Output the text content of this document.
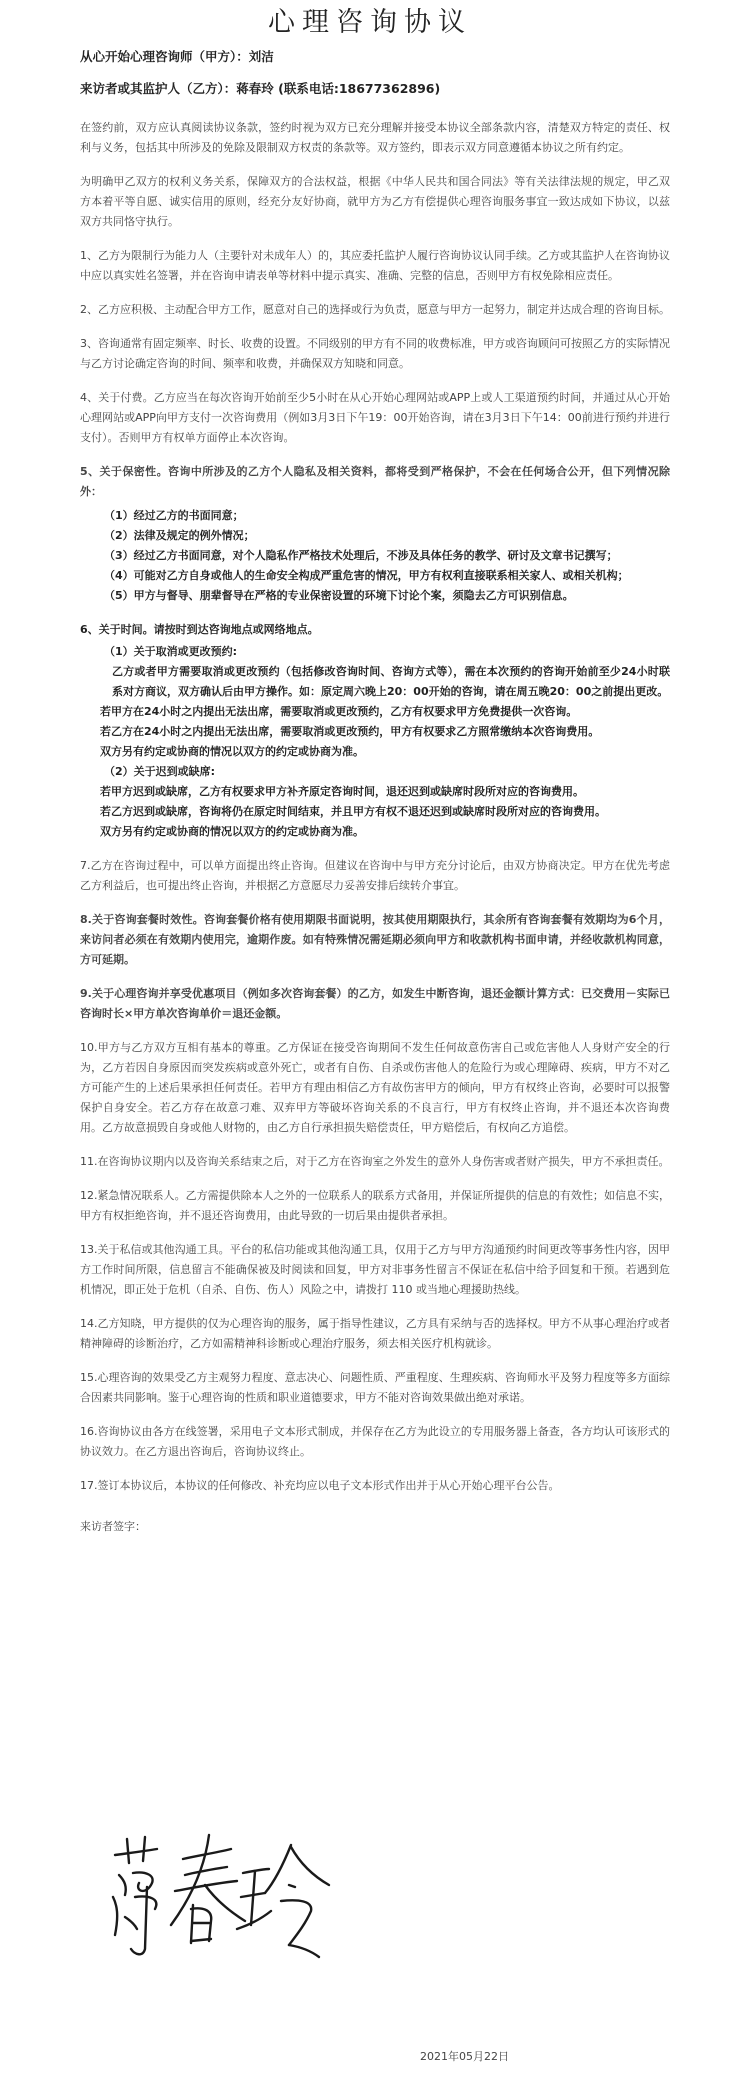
心理咨询协议
从心开始心理咨询师（甲方）：刘洁
来访者或其监护人（乙方）：蒋春玲 (联系电话:18677362896)

在签约前，双方应认真阅读协议条款，签约时视为双方已充分理解并接受本协议全部条款内容，清楚双方特定的责任、权利与义务，包括其中所涉及的免除及限制双方权责的条款等。双方签约，即表示双方同意遵循本协议之所有约定。

为明确甲乙双方的权利义务关系，保障双方的合法权益，根据《中华人民共和国合同法》等有关法律法规的规定，甲乙双方本着平等自愿、诚实信用的原则，经充分友好协商，就甲方为乙方有偿提供心理咨询服务事宜一致达成如下协议，以兹双方共同恪守执行。

1、乙方为限制行为能力人（主要针对未成年人）的，其应委托监护人履行咨询协议认同手续。乙方或其监护人在咨询协议中应以真实姓名签署，并在咨询申请表单等材料中提示真实、准确、完整的信息，否则甲方有权免除相应责任。

2、乙方应积极、主动配合甲方工作，愿意对自己的选择或行为负责，愿意与甲方一起努力，制定并达成合理的咨询目标。

3、咨询通常有固定频率、时长、收费的设置。不同级别的甲方有不同的收费标准，甲方或咨询顾问可按照乙方的实际情况与乙方讨论确定咨询的时间、频率和收费，并确保双方知晓和同意。

4、关于付费。乙方应当在每次咨询开始前至少5小时在从心开始心理网站或APP上或人工渠道预约时间，并通过从心开始心理网站或APP向甲方支付一次咨询费用（例如3月3日下午19：00开始咨询，请在3月3日下午14：00前进行预约并进行支付）。否则甲方有权单方面停止本次咨询。

5、关于保密性。咨询中所涉及的乙方个人隐私及相关资料，都将受到严格保护，不会在任何场合公开，但下列情况除外：

（1）经过乙方的书面同意；
（2）法律及规定的例外情况；
（3）经过乙方书面同意，对个人隐私作严格技术处理后，不涉及具体任务的教学、研讨及文章书记撰写；
（4）可能对乙方自身或他人的生命安全构成严重危害的情况，甲方有权利直接联系相关家人、或相关机构；
（5）甲方与督导、朋辈督导在严格的专业保密设置的环境下讨论个案，须隐去乙方可识别信息。
6、关于时间。请按时到达咨询地点或网络地点。
（1）关于取消或更改预约:
乙方或者甲方需要取消或更改预约（包括修改咨询时间、咨询方式等），需在本次预约的咨询开始前至少24小时联系对方商议，双方确认后由甲方操作。如：原定周六晚上20：00开始的咨询，请在周五晚20：00之前提出更改。
若甲方在24小时之内提出无法出席，需要取消或更改预约，乙方有权要求甲方免费提供一次咨询。
若乙方在24小时之内提出无法出席，需要取消或更改预约，甲方有权要求乙方照常缴纳本次咨询费用。
双方另有约定或协商的情况以双方的约定或协商为准。
（2）关于迟到或缺席:
若甲方迟到或缺席，乙方有权要求甲方补齐原定咨询时间，退还迟到或缺席时段所对应的咨询费用。
若乙方迟到或缺席，咨询将仍在原定时间结束，并且甲方有权不退还迟到或缺席时段所对应的咨询费用。
双方另有约定或协商的情况以双方的约定或协商为准。

7.乙方在咨询过程中，可以单方面提出终止咨询。但建议在咨询中与甲方充分讨论后，由双方协商决定。甲方在优先考虑乙方利益后，也可提出终止咨询，并根据乙方意愿尽力妥善安排后续转介事宜。

8.关于咨询套餐时效性。咨询套餐价格有使用期限书面说明，按其使用期限执行，其余所有咨询套餐有效期均为6个月，来访问者必须在有效期内使用完，逾期作废。如有特殊情况需延期必须向甲方和收款机构书面申请，并经收款机构同意，方可延期。

9.关于心理咨询并享受优惠项目（例如多次咨询套餐）的乙方，如发生中断咨询，退还金额计算方式：已交费用－实际已咨询时长×甲方单次咨询单价＝退还金额。

10.甲方与乙方双方互相有基本的尊重。乙方保证在接受咨询期间不发生任何故意伤害自己或危害他人人身财产安全的行为，乙方若因自身原因而突发疾病或意外死亡，或者有自伤、自杀或伤害他人的危险行为或心理障碍、疾病，甲方不对乙方可能产生的上述后果承担任何责任。若甲方有理由相信乙方有故伤害甲方的倾向，甲方有权终止咨询，必要时可以报警保护自身安全。若乙方存在故意刁难、双弃甲方等破坏咨询关系的不良言行，甲方有权终止咨询，并不退还本次咨询费用。乙方故意损毁自身或他人财物的，由乙方自行承担损失赔偿责任，甲方赔偿后，有权向乙方追偿。

11.在咨询协议期内以及咨询关系结束之后，对于乙方在咨询室之外发生的意外人身伤害或者财产损失，甲方不承担责任。

12.紧急情况联系人。乙方需提供除本人之外的一位联系人的联系方式备用，并保证所提供的信息的有效性；如信息不实，甲方有权拒绝咨询，并不退还咨询费用，由此导致的一切后果由提供者承担。

13.关于私信或其他沟通工具。平台的私信功能或其他沟通工具，仅用于乙方与甲方沟通预约时间更改等事务性内容，因甲方工作时间所限，信息留言不能确保被及时阅读和回复，甲方对非事务性留言不保证在私信中给予回复和干预。若遇到危机情况，即正处于危机（自杀、自伤、伤人）风险之中，请拨打 110 或当地心理援助热线。

14.乙方知晓，甲方提供的仅为心理咨询的服务，属于指导性建议，乙方具有采纳与否的选择权。甲方不从事心理治疗或者精神障碍的诊断治疗，乙方如需精神科诊断或心理治疗服务，须去相关医疗机构就诊。

15.心理咨询的效果受乙方主观努力程度、意志决心、问题性质、严重程度、生理疾病、咨询师水平及努力程度等多方面综合因素共同影响。鉴于心理咨询的性质和职业道德要求，甲方不能对咨询效果做出绝对承诺。

16.咨询协议由各方在线签署，采用电子文本形式制成，并保存在乙方为此设立的专用服务器上备查，各方均认可该形式的协议效力。在乙方退出咨询后，咨询协议终止。

17.签订本协议后，本协议的任何修改、补充均应以电子文本形式作出并于从心开始心理平台公告。

来访者签字：
2021年05月22日
